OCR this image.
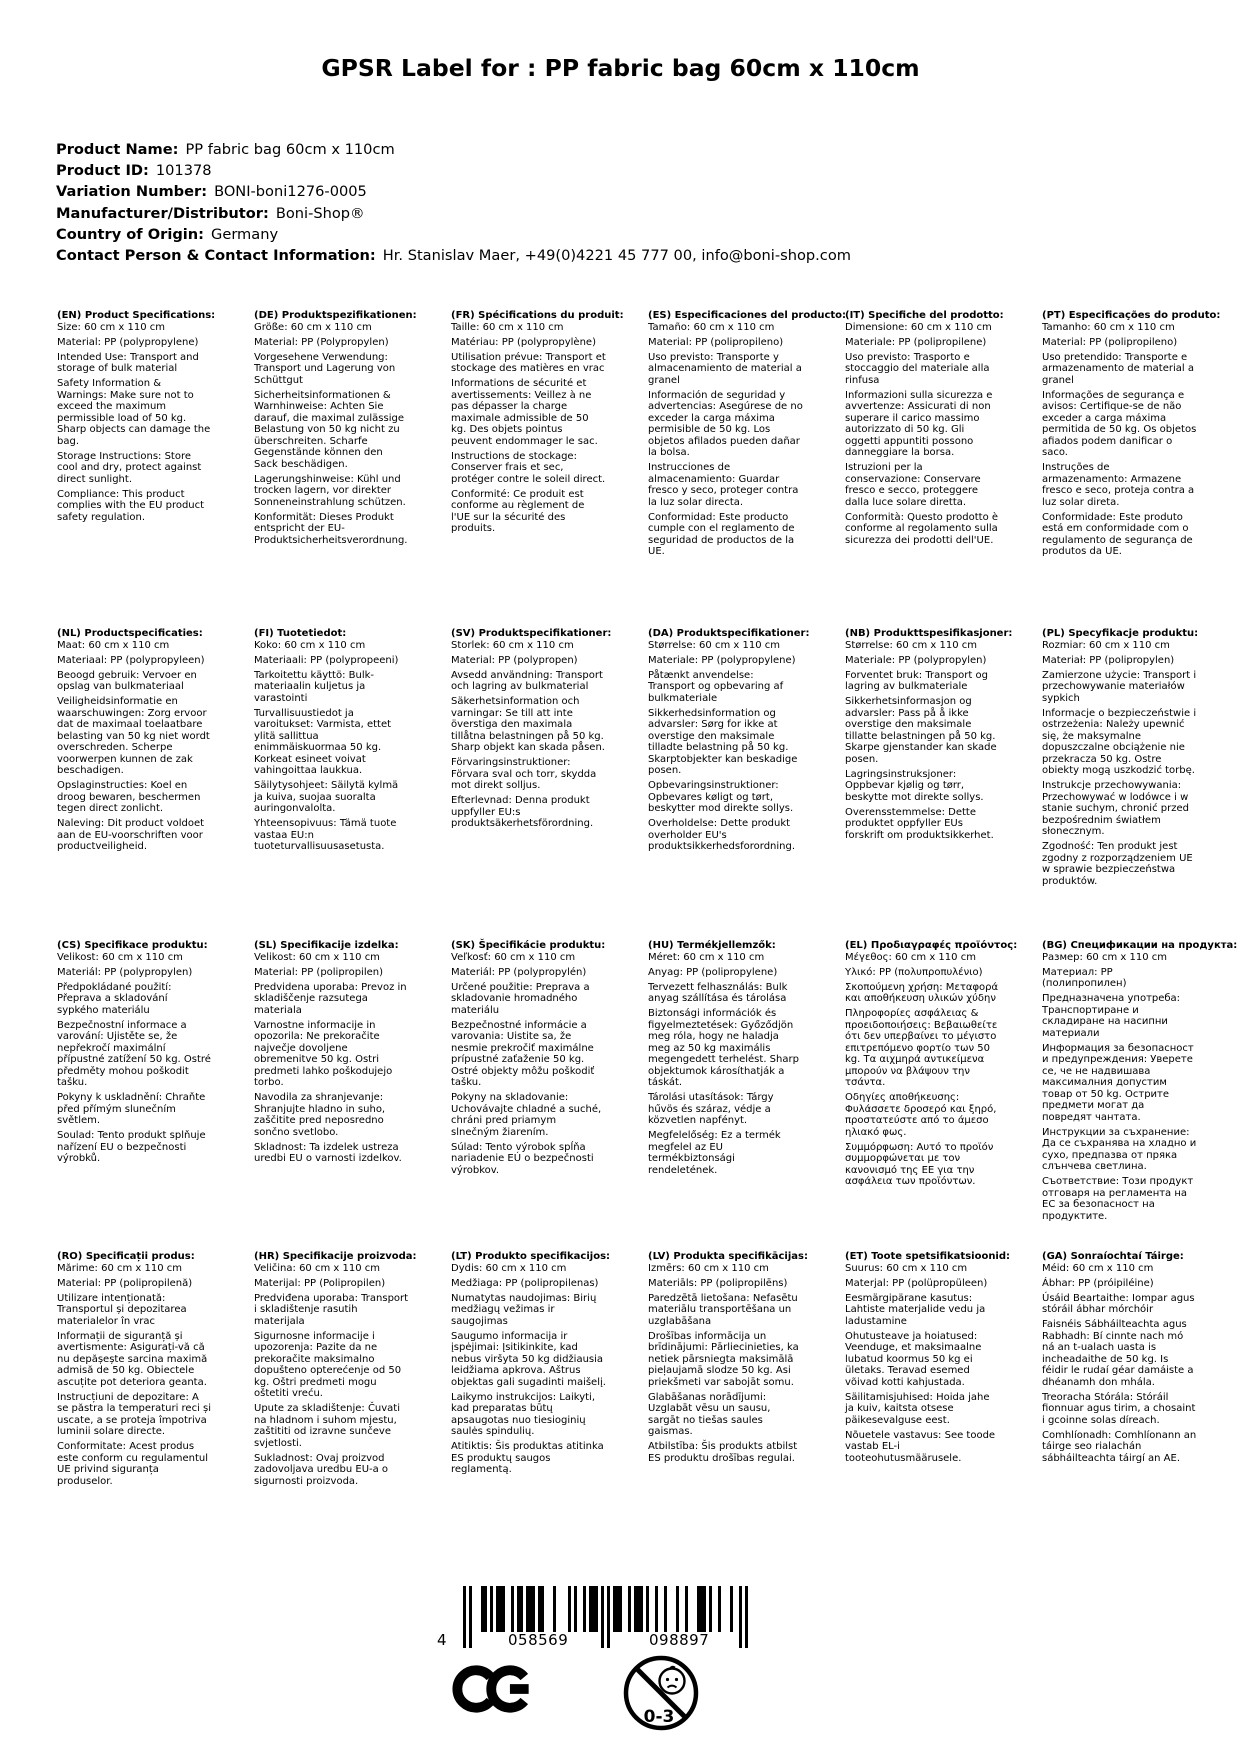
GPSR Label for : PP fabric bag 60cm x 110cm
Product Name: PP fabric bag 60cm x 110cm
Product ID: 101378
Variation Number: BONI-boni1276-0005
Manufacturer/Distributor: Boni-Shop®
Country of Origin: Germany
Contact Person & Contact Information: Hr. Stanislav Maer, +49(0)4221 45 777 00, info@boni-shop.com
(EN) Product Specifications:

Size: 60 cm x 110 cm

Material: PP (polypropylene)

Intended Use: Transport and storage of bulk material

Safety Information & Warnings: Make sure not to exceed the maximum permissible load of 50 kg. Sharp objects can damage the bag.

Storage Instructions: Store cool and dry, protect against direct sunlight.

Compliance: This product complies with the EU product safety regulation.

(DE) Produktspezifikationen:

Größe: 60 cm x 110 cm

Material: PP (Polypropylen)

Vorgesehene Verwendung: Transport und Lagerung von Schüttgut

Sicherheitsinformationen & Warnhinweise: Achten Sie darauf, die maximal zulässige Belastung von 50 kg nicht zu überschreiten. Scharfe Gegenstände können den Sack beschädigen.

Lagerungshinweise: Kühl und trocken lagern, vor direkter Sonneneinstrahlung schützen.

Konformität: Dieses Produkt entspricht der EU-Produktsicherheitsverordnung.

(FR) Spécifications du produit:

Taille: 60 cm x 110 cm

Matériau: PP (polypropylène)

Utilisation prévue: Transport et stockage des matières en vrac

Informations de sécurité et avertissements: Veillez à ne pas dépasser la charge maximale admissible de 50 kg. Des objets pointus peuvent endommager le sac.

Instructions de stockage: Conserver frais et sec, protéger contre le soleil direct.

Conformité: Ce produit est conforme au règlement de l'UE sur la sécurité des produits.

(ES) Especificaciones del producto:

Tamaño: 60 cm x 110 cm

Material: PP (polipropileno)

Uso previsto: Transporte y almacenamiento de material a granel

Información de seguridad y advertencias: Asegúrese de no exceder la carga máxima permisible de 50 kg. Los objetos afilados pueden dañar la bolsa.

Instrucciones de almacenamiento: Guardar fresco y seco, proteger contra la luz solar directa.

Conformidad: Este producto cumple con el reglamento de seguridad de productos de la UE.

(IT) Specifiche del prodotto:

Dimensione: 60 cm x 110 cm

Materiale: PP (polipropilene)

Uso previsto: Trasporto e stoccaggio del materiale alla rinfusa

Informazioni sulla sicurezza e avvertenze: Assicurati di non superare il carico massimo autorizzato di 50 kg. Gli oggetti appuntiti possono danneggiare la borsa.

Istruzioni per la conservazione: Conservare fresco e secco, proteggere dalla luce solare diretta.

Conformità: Questo prodotto è conforme al regolamento sulla sicurezza dei prodotti dell'UE.

(PT) Especificações do produto:

Tamanho: 60 cm x 110 cm

Material: PP (polipropileno)

Uso pretendido: Transporte e armazenamento de material a granel

Informações de segurança e avisos: Certifique-se de não exceder a carga máxima permitida de 50 kg. Os objetos afiados podem danificar o saco.

Instruções de armazenamento: Armazene fresco e seco, proteja contra a luz solar direta.

Conformidade: Este produto está em conformidade com o regulamento de segurança de produtos da UE.

(NL) Productspecificaties:

Maat: 60 cm x 110 cm

Materiaal: PP (polypropyleen)

Beoogd gebruik: Vervoer en opslag van bulkmateriaal

Veiligheidsinformatie en waarschuwingen: Zorg ervoor dat de maximaal toelaatbare belasting van 50 kg niet wordt overschreden. Scherpe voorwerpen kunnen de zak beschadigen.

Opslaginstructies: Koel en droog bewaren, beschermen tegen direct zonlicht.

Naleving: Dit product voldoet aan de EU-voorschriften voor productveiligheid.

(FI) Tuotetiedot:

Koko: 60 cm x 110 cm

Materiaali: PP (polypropeeni)

Tarkoitettu käyttö: Bulk-materiaalin kuljetus ja varastointi

Turvallisuustiedot ja varoitukset: Varmista, ettet ylitä sallittua enimmäiskuormaa 50 kg. Korkeat esineet voivat vahingoittaa laukkua.

Säilytysohjeet: Säilytä kylmä ja kuiva, suojaa suoralta auringonvalolta.

Yhteensopivuus: Tämä tuote vastaa EU:n tuoteturvallisuusasetusta.

(SV) Produktspecifikationer:

Storlek: 60 cm x 110 cm

Material: PP (polypropen)

Avsedd användning: Transport och lagring av bulkmaterial

Säkerhetsinformation och varningar: Se till att inte överstiga den maximala tillåtna belastningen på 50 kg. Sharp objekt kan skada påsen.

Förvaringsinstruktioner: Förvara sval och torr, skydda mot direkt solljus.

Efterlevnad: Denna produkt uppfyller EU:s produktsäkerhetsförordning.

(DA) Produktspecifikationer:

Størrelse: 60 cm x 110 cm

Materiale: PP (polypropylene)

Påtænkt anvendelse: Transport og opbevaring af bulkmateriale

Sikkerhedsinformation og advarsler: Sørg for ikke at overstige den maksimale tilladte belastning på 50 kg. Skarptobjekter kan beskadige posen.

Opbevaringsinstruktioner: Opbevares køligt og tørt, beskytter mod direkte sollys.

Overholdelse: Dette produkt overholder EU's produktsikkerhedsforordning.

(NB) Produkttspesifikasjoner:

Størrelse: 60 cm x 110 cm

Materiale: PP (polypropylen)

Forventet bruk: Transport og lagring av bulkmateriale

Sikkerhetsinformasjon og advarsler: Pass på å ikke overstige den maksimale tillatte belastningen på 50 kg. Skarpe gjenstander kan skade posen.

Lagringsinstruksjoner: Oppbevar kjølig og tørr, beskytte mot direkte sollys.

Overensstemmelse: Dette produktet oppfyller EUs forskrift om produktsikkerhet.

(PL) Specyfikacje produktu:

Rozmiar: 60 cm x 110 cm

Materiał: PP (polipropylen)

Zamierzone użycie: Transport i przechowywanie materiałów sypkich

Informacje o bezpieczeństwie i ostrzeżenia: Należy upewnić się, że maksymalne dopuszczalne obciążenie nie przekracza 50 kg. Ostre obiekty mogą uszkodzić torbę.

Instrukcje przechowywania: Przechowywać w lodówce i w stanie suchym, chronić przed bezpośrednim światłem słonecznym.

Zgodność: Ten produkt jest zgodny z rozporządzeniem UE w sprawie bezpieczeństwa produktów.

(CS) Specifikace produktu:

Velikost: 60 cm x 110 cm

Materiál: PP (polypropylen)

Předpokládané použití: Přeprava a skladování sypkého materiálu

Bezpečnostní informace a varování: Ujistěte se, že nepřekročí maximální přípustné zatížení 50 kg. Ostré předměty mohou poškodit tašku.

Pokyny k uskladnění: Chraňte před přímým slunečním světlem.

Soulad: Tento produkt splňuje nařízení EU o bezpečnosti výrobků.

(SL) Specifikacije izdelka:

Velikost: 60 cm x 110 cm

Material: PP (polipropilen)

Predvidena uporaba: Prevoz in skladiščenje razsutega materiala

Varnostne informacije in opozorila: Ne prekoračite največje dovoljene obremenitve 50 kg. Ostri predmeti lahko poškodujejo torbo.

Navodila za shranjevanje: Shranjujte hladno in suho, zaščitite pred neposredno sončno svetlobo.

Skladnost: Ta izdelek ustreza uredbi EU o varnosti izdelkov.

(SK) Špecifikácie produktu:

Veľkosť: 60 cm x 110 cm

Materiál: PP (polypropylén)

Určené použitie: Preprava a skladovanie hromadného materiálu

Bezpečnostné informácie a varovania: Uistite sa, že nesmie prekročiť maximálne prípustné zaťaženie 50 kg. Ostré objekty môžu poškodiť tašku.

Pokyny na skladovanie: Uchovávajte chladné a suché, chráni pred priamym slnečným žiarením.

Súlad: Tento výrobok spĺňa nariadenie EÚ o bezpečnosti výrobkov.

(HU) Termékjellemzők:

Méret: 60 cm x 110 cm

Anyag: PP (polipropylene)

Tervezett felhasználás: Bulk anyag szállítása és tárolása

Biztonsági információk és figyelmeztetések: Győződjön meg róla, hogy ne haladja meg az 50 kg maximális megengedett terhelést. Sharp objektumok károsíthatják a táskát.

Tárolási utasítások: Tárgy hűvös és száraz, védje a közvetlen napfényt.

Megfelelőség: Ez a termék megfelel az EU termékbiztonsági rendeletének.

(EL) Προδιαγραφές προϊόντος:

Μέγεθος: 60 cm x 110 cm

Υλικό: PP (πολυπροπυλένιο)

Σκοπούμενη χρήση: Μεταφορά και αποθήκευση υλικών χύδην

Πληροφορίες ασφάλειας & προειδοποιήσεις: Βεβαιωθείτε ότι δεν υπερβαίνει το μέγιστο επιτρεπόμενο φορτίο των 50 kg. Τα αιχμηρά αντικείμενα μπορούν να βλάψουν την τσάντα.

Οδηγίες αποθήκευσης: Φυλάσσετε δροσερό και ξηρό, προστατεύστε από το άμεσο ηλιακό φως.

Συμμόρφωση: Αυτό το προϊόν συμμορφώνεται με τον κανονισμό της ΕΕ για την ασφάλεια των προϊόντων.

(BG) Спецификации на продукта:

Размер: 60 cm x 110 cm

Материал: PP (полипропилен)

Предназначена употреба: Транспортиране и складиране на насипни материали

Информация за безопасност и предупреждения: Уверете се, че не надвишава максималния допустим товар от 50 kg. Острите предмети могат да повредят чантата.

Инструкции за съхранение: Да се съхранява на хладно и сухо, предпазва от пряка слънчева светлина.

Съответствие: Този продукт отговаря на регламента на ЕС за безопасност на продуктите.

(RO) Specificații produs:

Mărime: 60 cm x 110 cm

Material: PP (polipropilenă)

Utilizare intenționată: Transportul și depozitarea materialelor în vrac

Informații de siguranță și avertismente: Asigurați-vă că nu depășește sarcina maximă admisă de 50 kg. Obiectele ascuțite pot deteriora geanta.

Instrucțiuni de depozitare: A se păstra la temperaturi reci și uscate, a se proteja împotriva luminii solare directe.

Conformitate: Acest produs este conform cu regulamentul UE privind siguranța produselor.

(HR) Specifikacije proizvoda:

Veličina: 60 cm x 110 cm

Materijal: PP (Polipropilen)

Predviđena uporaba: Transport i skladištenje rasutih materijala

Sigurnosne informacije i upozorenja: Pazite da ne prekoračite maksimalno dopušteno opterećenje od 50 kg. Oštri predmeti mogu oštetiti vreću.

Upute za skladištenje: Čuvati na hladnom i suhom mjestu, zaštititi od izravne sunčeve svjetlosti.

Sukladnost: Ovaj proizvod zadovoljava uredbu EU-a o sigurnosti proizvoda.

(LT) Produkto specifikacijos:

Dydis: 60 cm x 110 cm

Medžiaga: PP (polipropilenas)

Numatytas naudojimas: Birių medžiagų vežimas ir saugojimas

Saugumo informacija ir įspėjimai: Įsitikinkite, kad nebus viršyta 50 kg didžiausia leidžiama apkrova. Aštrus objektas gali sugadinti maišelį.

Laikymo instrukcijos: Laikyti, kad preparatas būtų apsaugotas nuo tiesioginių saulės spindulių.

Atitiktis: Šis produktas atitinka ES produktų saugos reglamentą.

(LV) Produkta specifikācijas:

Izmērs: 60 cm x 110 cm

Materiāls: PP (polipropilēns)

Paredzētā lietošana: Nefasētu materiālu transportēšana un uzglabāšana

Drošības informācija un brīdinājumi: Pārliecinieties, ka netiek pārsniegta maksimālā pieļaujamā slodze 50 kg. Asi priekšmeti var sabojāt somu.

Glabāšanas norādījumi: Uzglabāt vēsu un sausu, sargāt no tiešas saules gaismas.

Atbilstība: Šis produkts atbilst ES produktu drošības regulai.

(ET) Toote spetsifikatsioonid:

Suurus: 60 cm x 110 cm

Materjal: PP (polüpropüleen)

Eesmärgipärane kasutus: Lahtiste materjalide vedu ja ladustamine

Ohutusteave ja hoiatused: Veenduge, et maksimaalne lubatud koormus 50 kg ei ületaks. Teravad esemed võivad kotti kahjustada.

Säilitamisjuhised: Hoida jahe ja kuiv, kaitsta otsese päikesevalguse eest.

Nõuetele vastavus: See toode vastab EL-i tooteohutusmäärusele.

(GA) Sonraíochtaí Táirge:

Méid: 60 cm x 110 cm

Ábhar: PP (próipiléine)

Úsáid Beartaithe: Iompar agus stóráil ábhar mórchóir

Faisnéis Sábháilteachta agus Rabhadh: Bí cinnte nach mó ná an t-ualach uasta is incheadaithe de 50 kg. Is féidir le rudaí géar damáiste a dhéanamh don mhála.

Treoracha Stórála: Stóráil fionnuar agus tirim, a chosaint i gcoinne solas díreach.

Comhlíonadh: Comhlíonann an táirge seo rialachán sábháilteachta táirgí an AE.

4	058569	098897
0-3
